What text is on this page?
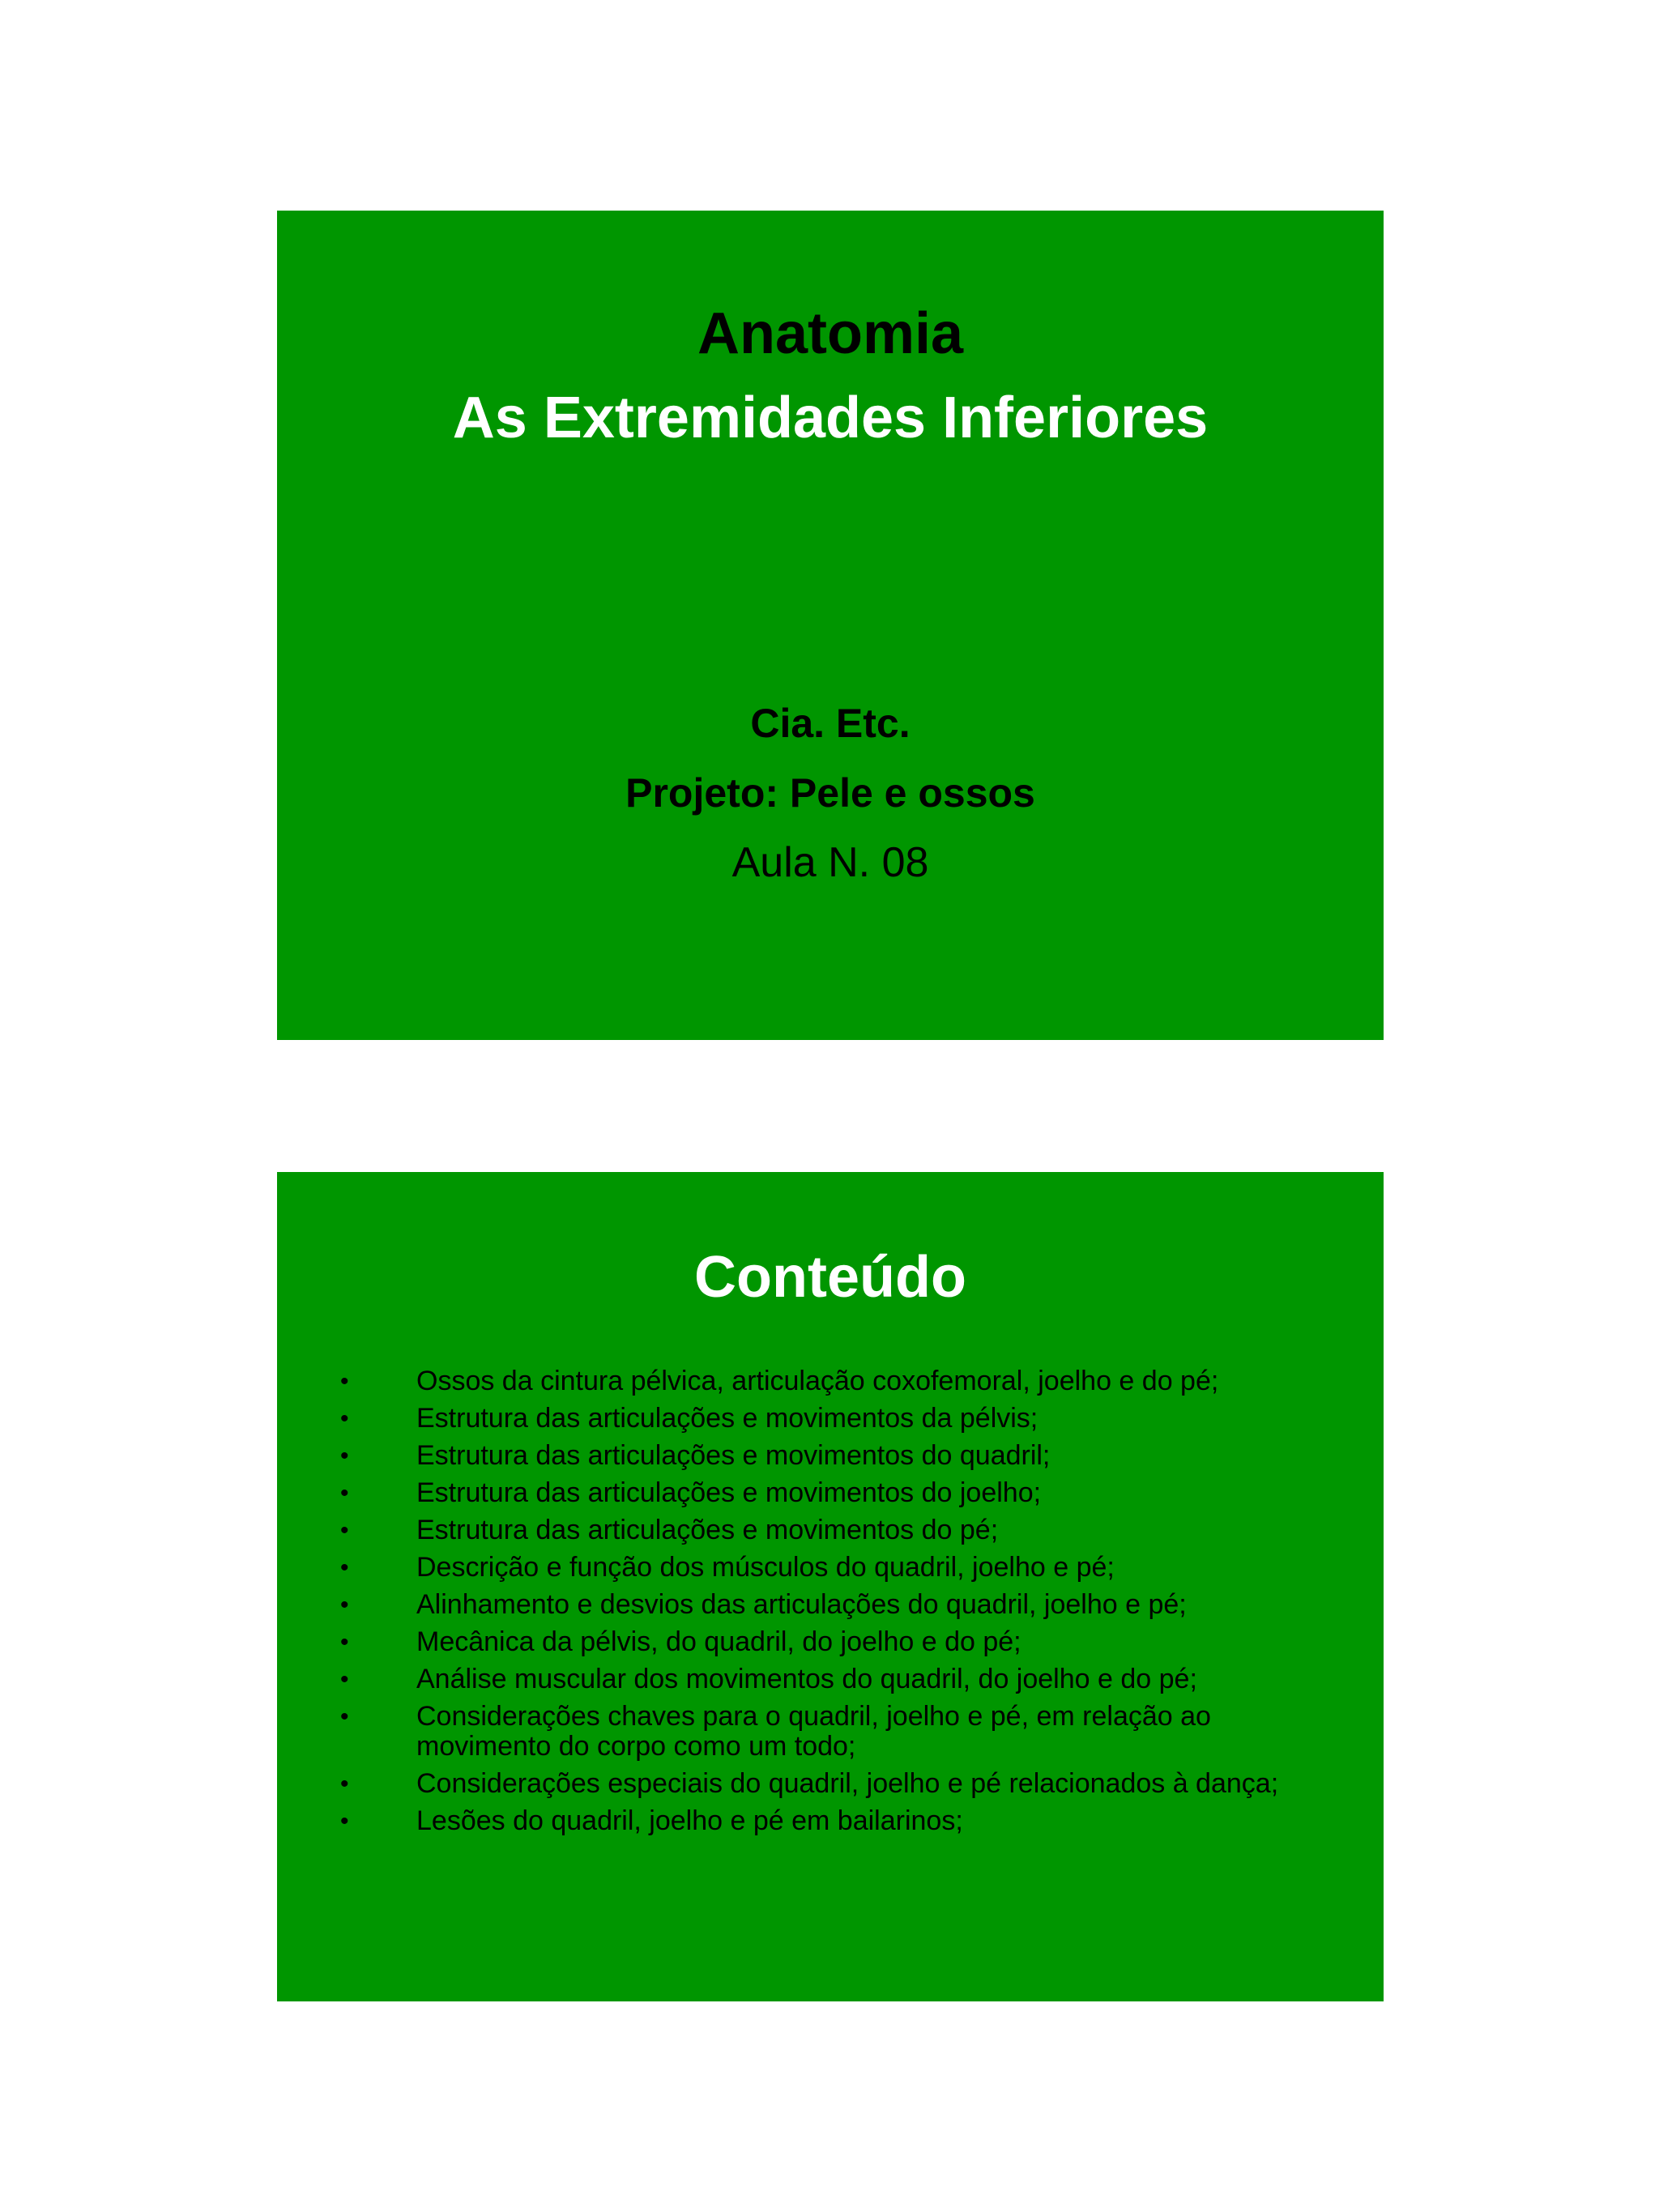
Anatomia
As Extremidades Inferiores
Cia. Etc.
Projeto: Pele e ossos
Aula N. 08
Conteúdo
• Ossos da cintura pélvica, articulação coxofemoral, joelho e do pé;
• Estrutura das articulações e movimentos da pélvis;
• Estrutura das articulações e movimentos do quadril;
• Estrutura das articulações e movimentos do joelho;
• Estrutura das articulações e movimentos do pé;
• Descrição e função dos músculos do quadril, joelho e pé;
• Alinhamento e desvios das articulações do quadril, joelho e pé;
• Mecânica da pélvis, do quadril, do joelho e do pé;
• Análise muscular dos movimentos do quadril, do joelho e do pé;
• Considerações chaves para o quadril, joelho e pé, em relação ao movimento do corpo como um todo;
• Considerações especiais do quadril, joelho e pé relacionados à dança;
• Lesões do quadril, joelho e pé em bailarinos;
